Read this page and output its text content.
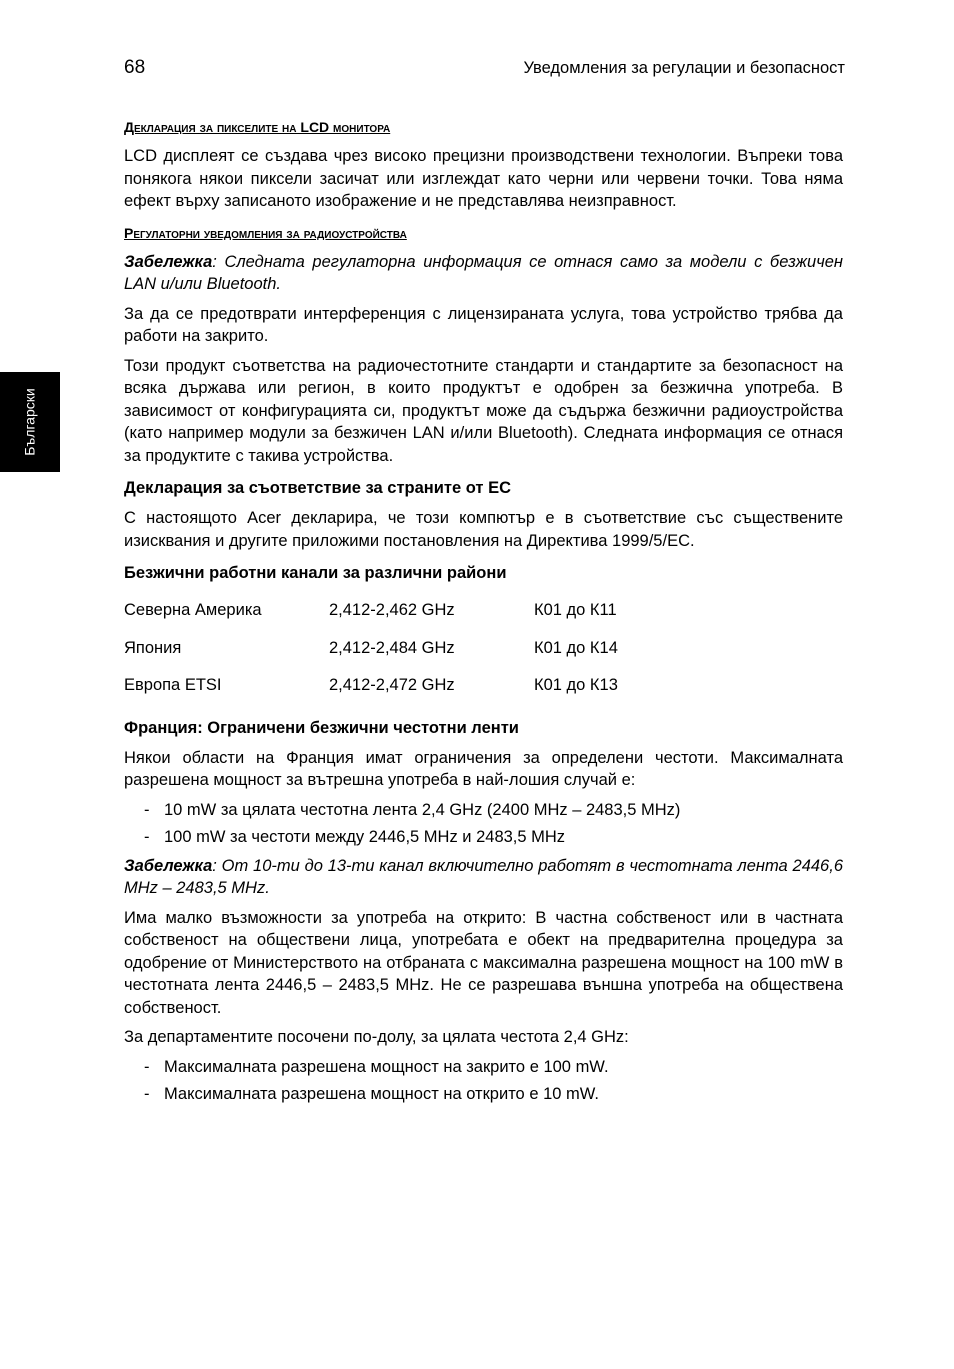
68	Уведомления за регулации и безопасност
Български
Декларация за пикселите на LCD монитора

LCD дисплеят се създава чрез високо прецизни производствени технологии. Въпреки това понякога някои пиксели засичат или изглеждат като черни или червени точки. Това няма ефект върху записаното изображение и не представлява неизправност.

Регулаторни уведомления за радиоустройства

Забележка: Следната регулаторна информация се отнася само за модели с безжичен LAN и/или Bluetooth.

За да се предотврати интерференция с лицензираната услуга, това устройство трябва да работи на закрито.

Този продукт съответства на радиочестотните стандарти и стандартите за безопасност на всяка държава или регион, в които продуктът е одобрен за безжична употреба. В зависимост от конфигурацията си, продуктът може да съдържа безжични радиоустройства (като например модули за безжичен LAN и/или Bluetooth). Следната информация се отнася за продуктите с такива устройства.

Декларация за съответствие за страните от ЕС

С настоящото Acer декларира, че този компютър е в съответствие със съществените изисквания и другите приложими постановления на Директива 1999/5/ЕС.

Безжични работни канали за различни райони
Северна Америка	2,412-2,462 GHz	К01 до К11
Япония	2,412-2,484 GHz	К01 до К14
Европа ETSI	2,412-2,472 GHz	К01 до К13
Франция: Ограничени безжични честотни ленти

Някои области на Франция имат ограничения за определени честоти. Максималната разрешена мощност за вътрешна употреба в най-лошия случай е:

- 10 mW за цялата честотна лента 2,4 GHz (2400 MHz – 2483,5 MHz)
- 100 mW за честоти между 2446,5 MHz и 2483,5 MHz

Забележка: От 10-ти до 13-ти канал включително работят в честотната лента 2446,6 MHz – 2483,5 MHz.

Има малко възможности за употреба на открито: В частна собственост или в частната собственост на обществени лица, употребата е обект на предварителна процедура за одобрение от Министерството на отбраната с максимална разрешена мощност на 100 mW в честотната лента 2446,5 – 2483,5 MHz. Не се разрешава външна употреба на обществена собственост.

За департаментите посочени по-долу, за цялата честота 2,4 GHz:

- Максималната разрешена мощност на закрито е 100 mW.
- Максималната разрешена мощност на открито е 10 mW.
